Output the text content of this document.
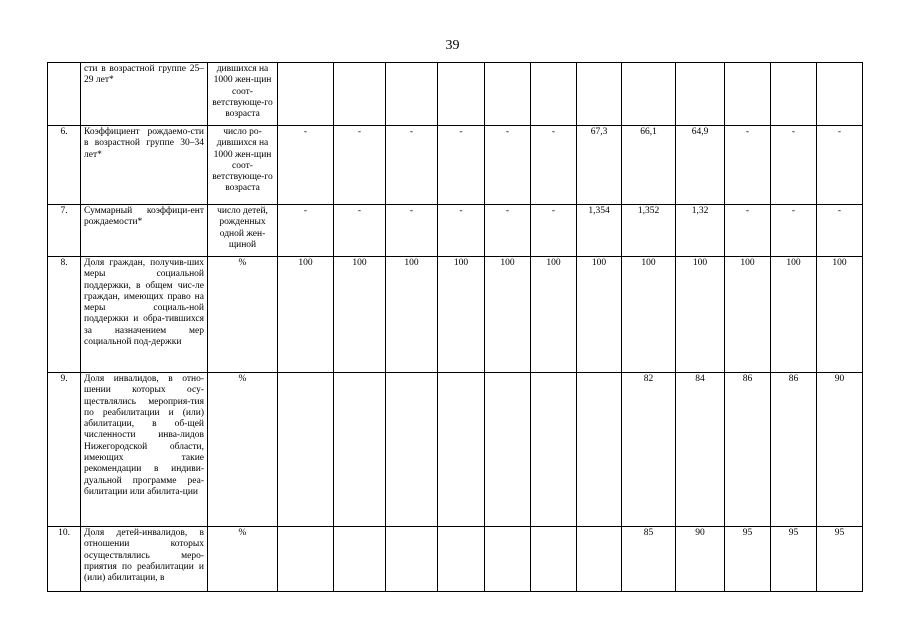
39
	сти в возрастной группе 25–29 лет*	дившихся на 1000 жен-щин соот-ветствующе-го возраста												
6.	Коэффициент рождаемо-сти в возрастной группе 30–34 лет*	число ро-дившихся на 1000 жен-щин соот-ветствующе-го возраста	-	-	-	-	-	-	67,3	66,1	64,9	-	-	-
7.	Суммарный коэффици-ент рождаемости*	число детей, рожденных одной жен-щиной	-	-	-	-	-	-	1,354	1,352	1,32	-	-	-
8.	Доля граждан, получив-ших меры социальной поддержки, в общем чис-ле граждан, имеющих право на меры социаль-ной поддержки и обра-тившихся за назначением мер социальной под-держки	%	100	100	100	100	100	100	100	100	100	100	100	100
9.	Доля инвалидов, в отно-шении которых осу-ществлялись мероприя-тия по реабилитации и (или) абилитации, в об-щей численности инва-лидов Нижегородской области, имеющих такие рекомендации в индиви-дуальной программе реа-билитации или абилита-ции	%								82	84	86	86	90
10.	Доля детей-инвалидов, в отношении которых осуществлялись меро-приятия по реабилитации и (или) абилитации, в	%								85	90	95	95	95
